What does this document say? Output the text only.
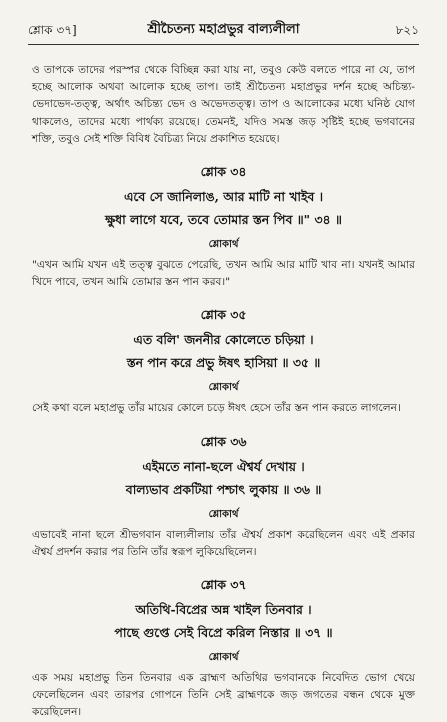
শ্লোক ৩৭]	শ্রীচৈতন্য মহাপ্রভুর বাল্যলীলা	৮২১

ও তাপকে তাদের পরস্পর থেকে বিচ্ছিন্ন করা যায় না, তবুও কেউ বলতে পারে না যে, তাপ হচ্ছে আলোক অথবা আলোক হচ্ছে তাপ। তাই শ্রীচৈতন্য মহাপ্রভুর দর্শন হচ্ছে অচিন্ত্য-ভেদাভেদ-তত্ত্ব, অর্থাৎ অচিন্ত্য ভেদ ও অভেদতত্ত্ব। তাপ ও আলোকের মধ্যে ঘনিষ্ঠ যোগ থাকলেও, তাদের মধ্যে পার্থক্য রয়েছে। তেমনই, যদিও সমস্ত জড় সৃষ্টিই হচ্ছে ভগবানের শক্তি, তবুও সেই শক্তি বিবিধ বৈচিত্র্য নিয়ে প্রকাশিত হয়েছে।

শ্লোক ৩৪
এবে সে জানিলাঙ, আর মাটি না খাইব ।
ক্ষুধা লাগে যবে, তবে তোমার স্তন পিব ॥" ৩৪ ॥
শ্লোকার্থ

"এখন আমি যখন এই তত্ত্ব বুঝতে পেরেছি, তখন আমি আর মাটি খাব না। যখনই আমার খিদে পাবে, তখন আমি তোমার স্তন পান করব।"

শ্লোক ৩৫
এত বলি' জননীর কোলেতে চড়িয়া ।
স্তন পান করে প্রভু ঈষৎ হাসিয়া ॥ ৩৫ ॥
শ্লোকার্থ

সেই কথা বলে মহাপ্রভু তাঁর মায়ের কোলে চড়ে ঈষৎ হেসে তাঁর স্তন পান করতে লাগলেন।

শ্লোক ৩৬
এইমতে নানা-ছলে ঐশ্বর্য দেখায় ।
বাল্যভাব প্রকটিয়া পশ্চাৎ লুকায় ॥ ৩৬ ॥
শ্লোকার্থ

এভাবেই নানা ছলে শ্রীভগবান বাল্যলীলায় তাঁর ঐশ্বর্য প্রকাশ করেছিলেন এবং এই প্রকার ঐশ্বর্য প্রদর্শন করার পর তিনি তাঁর স্বরূপ লুকিয়েছিলেন।

শ্লোক ৩৭
অতিথি-বিপ্রের অন্ন খাইল তিনবার ।
পাছে গুপ্তে সেই বিপ্রে করিল নিস্তার ॥ ৩৭ ॥
শ্লোকার্থ

এক সময় মহাপ্রভু তিন তিনবার এক ব্রাহ্মণ অতিথির ভগবানকে নিবেদিত ভোগ খেয়ে ফেলেছিলেন এবং তারপর গোপনে তিনি সেই ব্রাহ্মণকে জড় জগতের বন্ধন থেকে মুক্ত করেছিলেন।
